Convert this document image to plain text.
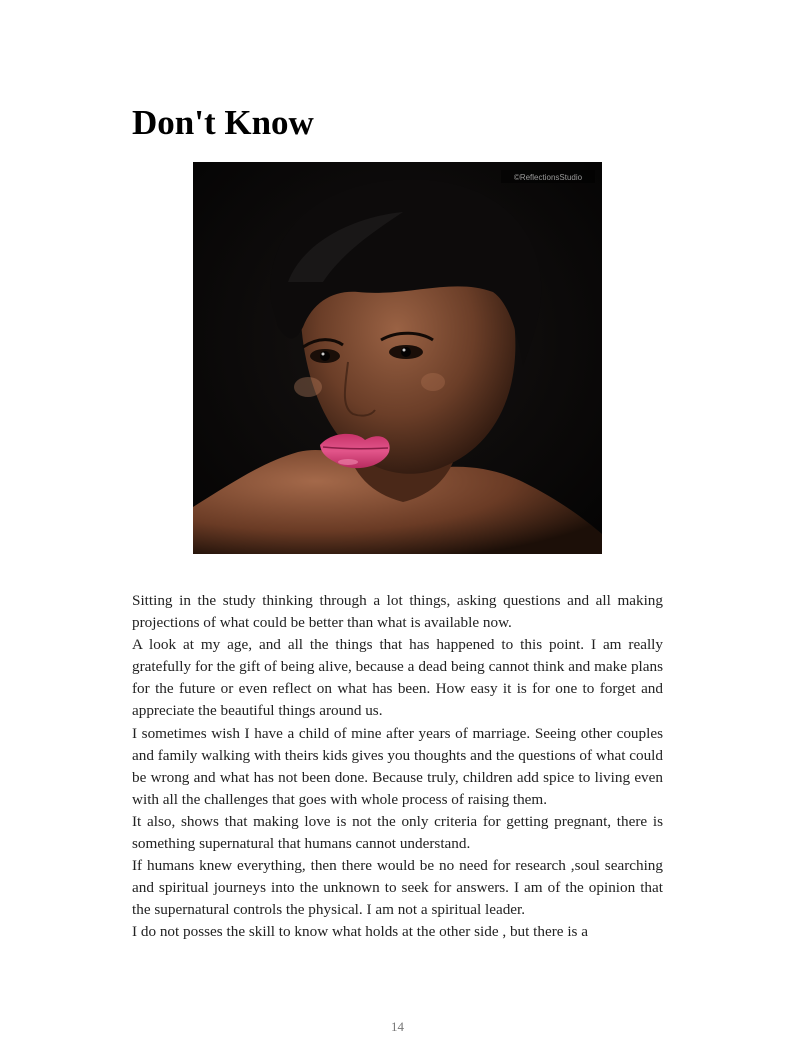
Don't Know
©ReflectionsStudio

Sitting in the study thinking through a lot things, asking questions and all making projections of what could be better than what is available now.

A look at my age, and all the things that has happened to this point. I am really gratefully for the gift of being alive, because a dead being cannot think and make plans for the future or even reflect on what has been. How easy it is for one to forget and appreciate the beautiful things around us.

I sometimes wish I have a child of mine after years of marriage. Seeing other couples and family walking with theirs kids gives you thoughts and the questions of what could be wrong and what has not been done. Because truly, children add spice to living even with all the challenges that goes with whole process of raising them.

It also, shows that making love is not the only criteria for getting pregnant, there is something supernatural that humans cannot understand.

If humans knew everything, then there would be no need for research ,soul searching and spiritual journeys into the unknown to seek for answers. I am of the opinion that the supernatural controls the physical. I am not a spiritual leader.

I do not posses the skill to know what holds at the other side , but there is a

14
